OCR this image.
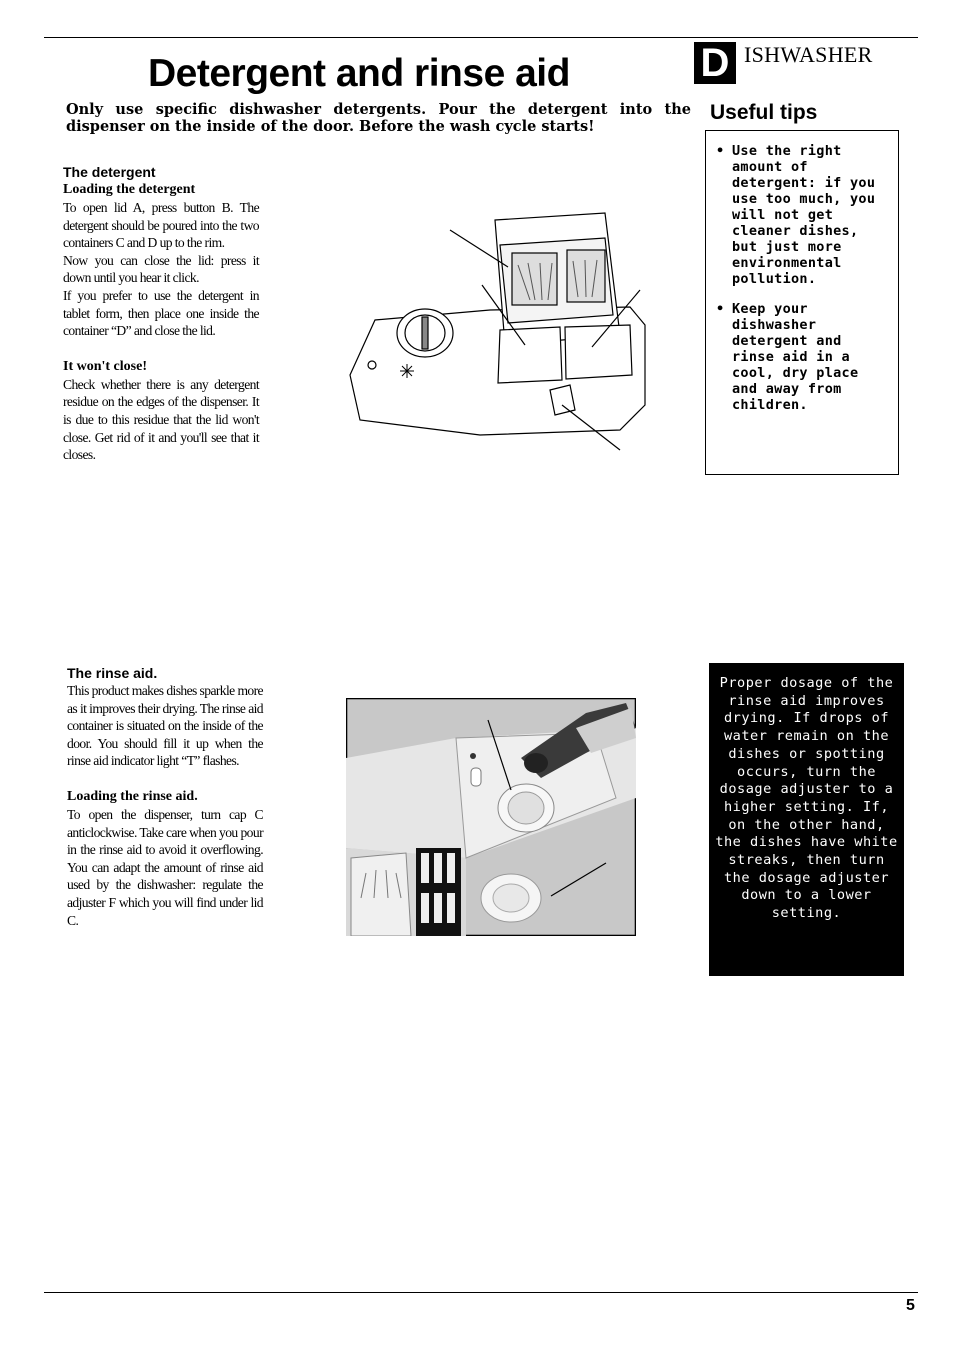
D ISHWASHER
Detergent and rinse aid
Only use specific dishwasher detergents. Pour the detergent into the dispenser on the inside of the door. Before the wash cycle starts!
Useful tips
• Use the right amount of detergent: if you use too much, you will not get cleaner dishes, but just more environmental pollution.
• Keep your dishwasher detergent and rinse aid in a cool, dry place and away from children.

The detergent

Loading the detergent

To open lid A, press button B. The detergent should be poured into the two containers C and D up to the rim.

Now you can close the lid: press it down until you hear it click.

If you prefer to use the detergent in tablet form, then place one inside the container “D” and close the lid.

It won't close!

Check whether there is any detergent residue on the edges of the dispenser. It is due to this residue that the lid won't close. Get rid of it and you'll see that it closes.

The rinse aid.

This product makes dishes sparkle more as it improves their drying. The rinse aid container is situated on the inside of the door. You should fill it up when the rinse aid indicator light “T” flashes.

Loading the rinse aid.

To open the dispenser, turn cap C anticlockwise. Take care when you pour in the rinse aid to avoid it overflowing. You can adapt the amount of rinse aid used by the dishwasher: regulate the adjuster F which you will find under lid C.

Proper dosage of the rinse aid improves drying. If drops of water remain on the dishes or spotting occurs, turn the dosage adjuster to a higher setting. If, on the other hand, the dishes have white streaks, then turn the dosage adjuster down to a lower setting.
5
